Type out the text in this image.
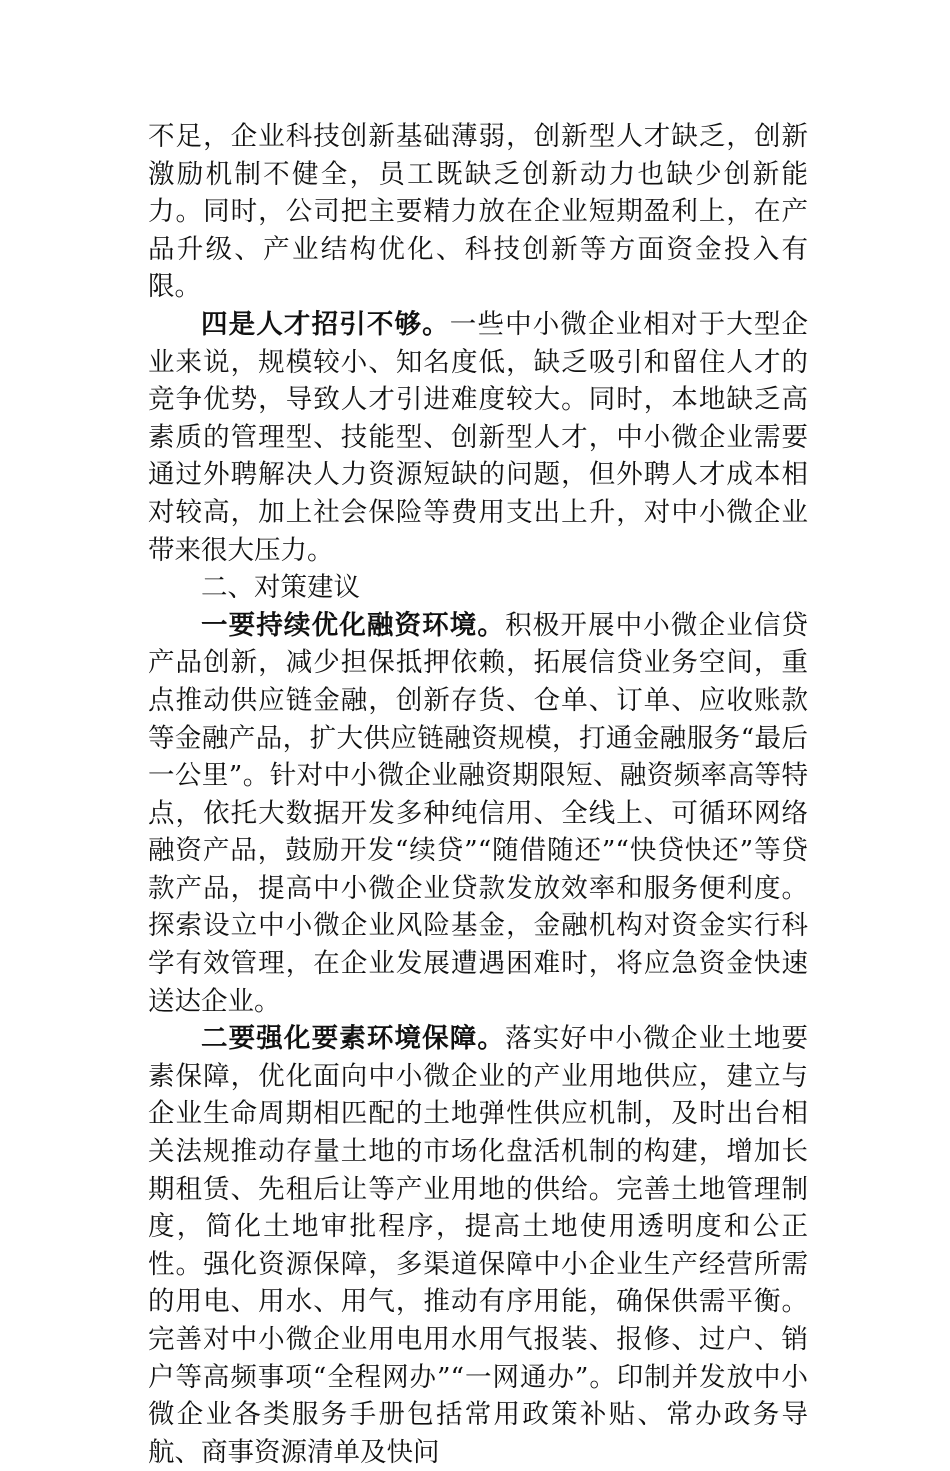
不足，企业科技创新基础薄弱，创新型人才缺乏，创新激励机制不健全，员工既缺乏创新动力也缺少创新能力。同时，公司把主要精力放在企业短期盈利上，在产品升级、产业结构优化、科技创新等方面资金投入有限。

四是人才招引不够。一些中小微企业相对于大型企业来说，规模较小、知名度低，缺乏吸引和留住人才的竞争优势，导致人才引进难度较大。同时，本地缺乏高素质的管理型、技能型、创新型人才，中小微企业需要通过外聘解决人力资源短缺的问题，但外聘人才成本相对较高，加上社会保险等费用支出上升，对中小微企业带来很大压力。

二、对策建议

一要持续优化融资环境。积极开展中小微企业信贷产品创新，减少担保抵押依赖，拓展信贷业务空间，重点推动供应链金融，创新存货、仓单、订单、应收账款等金融产品，扩大供应链融资规模，打通金融服务“最后一公里”。针对中小微企业融资期限短、融资频率高等特点，依托大数据开发多种纯信用、全线上、可循环网络融资产品，鼓励开发“续贷”“随借随还”“快贷快还”等贷款产品，提高中小微企业贷款发放效率和服务便利度。探索设立中小微企业风险基金，金融机构对资金实行科学有效管理，在企业发展遭遇困难时，将应急资金快速送达企业。

二要强化要素环境保障。落实好中小微企业土地要素保障，优化面向中小微企业的产业用地供应，建立与企业生命周期相匹配的土地弹性供应机制，及时出台相关法规推动存量土地的市场化盘活机制的构建，增加长期租赁、先租后让等产业用地的供给。完善土地管理制度，简化土地审批程序，提高土地使用透明度和公正性。强化资源保障，多渠道保障中小企业生产经营所需的用电、用水、用气，推动有序用能，确保供需平衡。完善对中小微企业用电用水用气报装、报修、过户、销户等高频事项“全程网办”“一网通办”。印制并发放中小微企业各类服务手册包括常用政策补贴、常办政务导航、商事资源清单及快问
